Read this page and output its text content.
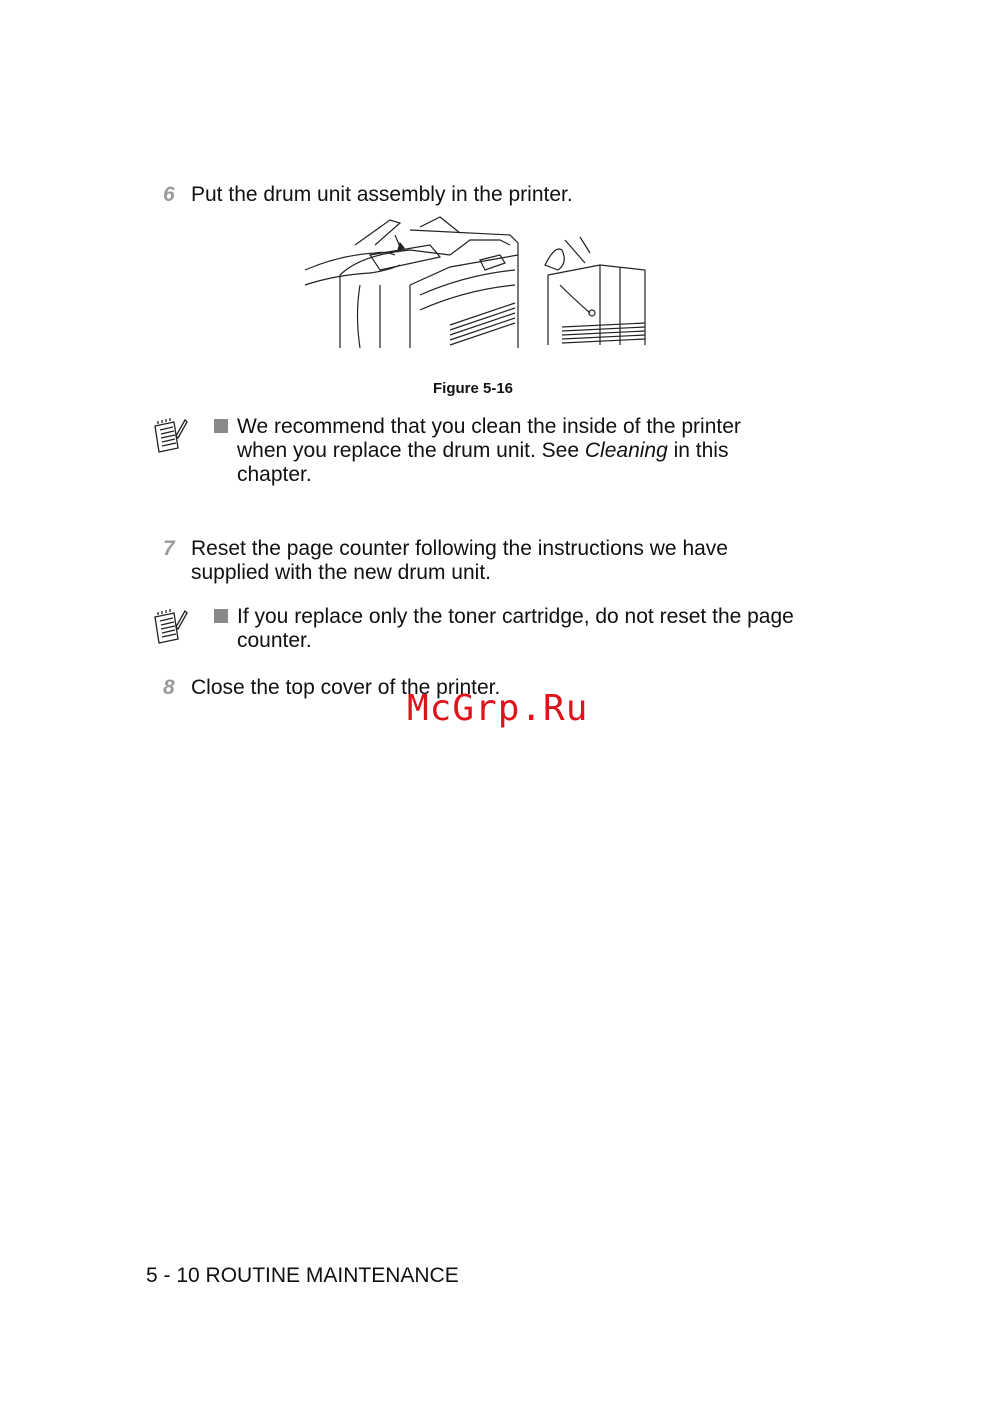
6 Put the drum unit assembly in the printer.
Figure 5-16
We recommend that you clean the inside of the printer
when you replace the drum unit. See Cleaning in this
chapter.
7 Reset the page counter following the instructions we have
supplied with the new drum unit.
If you replace only the toner cartridge, do not reset the page
counter.
8 Close the top cover of the printer.
McGrp.Ru
5 - 10 ROUTINE MAINTENANCE
